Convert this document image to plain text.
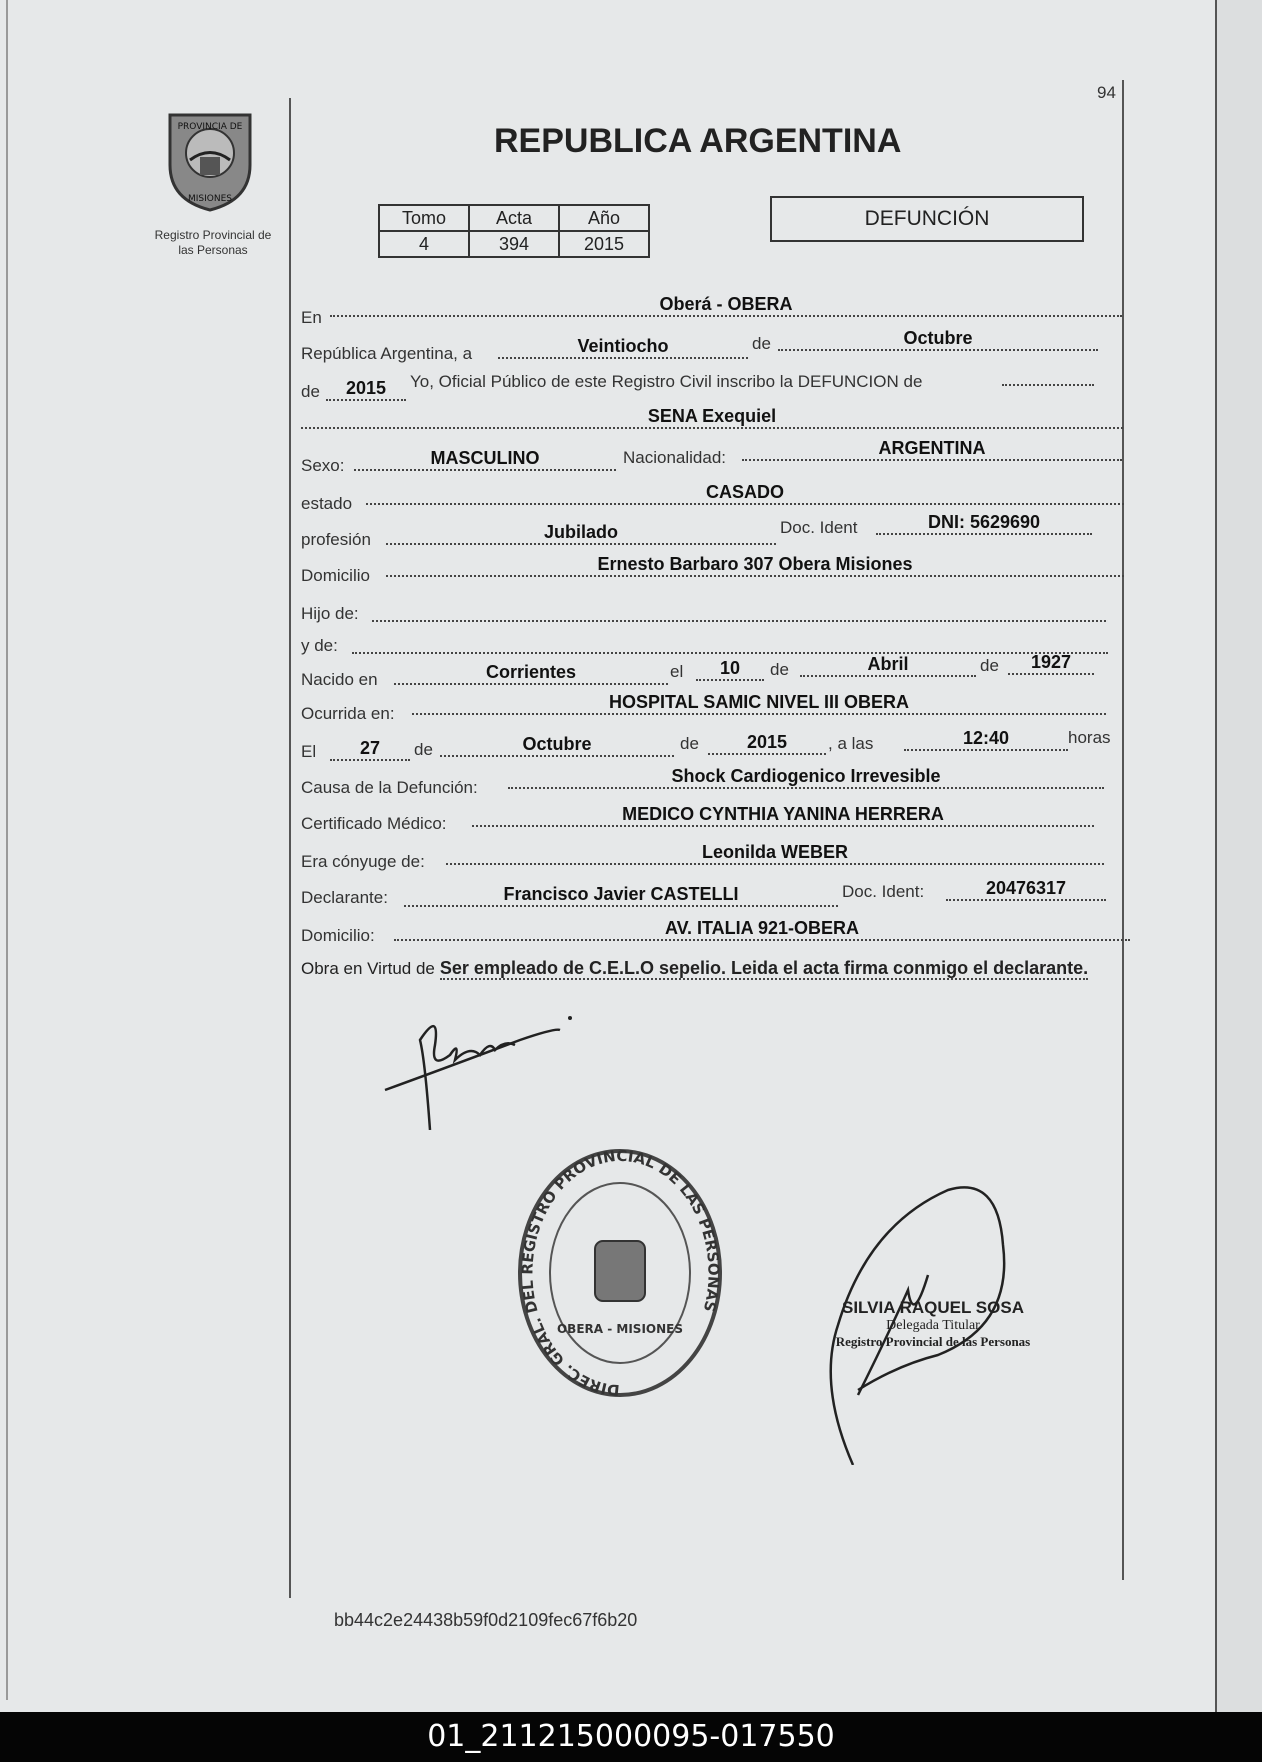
94
PROVINCIA DE
MISIONES
Registro Provincial de
las Personas
REPUBLICA ARGENTINA
Tomo	Acta	Año
4	394	2015
DEFUNCIÓN
En
Oberá - OBERA
República Argentina, a	Veintiocho	de	Octubre
de	2015	Yo, Oficial Público de este Registro Civil inscribo la DEFUNCION de
SENA Exequiel
Sexo:	MASCULINO	Nacionalidad:	ARGENTINA
estado
CASADO
profesión	Jubilado	Doc. Ident	DNI: 5629690
Domicilio
Ernesto Barbaro 307 Obera Misiones
Hijo de:
y de:
Nacido en	Corrientes	el	10	de	Abril	de	1927
Ocurrida en:
HOSPITAL SAMIC NIVEL III OBERA
El	27	de	Octubre	de	2015	, a las	12:40	horas
Causa de la Defunción:
Shock Cardiogenico Irrevesible
Certificado Médico:	MEDICO CYNTHIA YANINA HERRERA
Era cónyuge de:	Leonilda WEBER
Declarante:	Francisco Javier CASTELLI	Doc. Ident:	20476317
Domicilio:	AV. ITALIA 921-OBERA
Obra en Virtud de Ser empleado de C.E.L.O sepelio. Leida el acta firma conmigo el declarante.
DIREC. GRAL. DEL REGISTRO PROVINCIAL DE LAS PERSONAS
OBERA - MISIONES
SILVIA RAQUEL SOSA
Delegada Titular
Registro Provincial de las Personas
bb44c2e24438b59f0d2109fec67f6b20
01_211215000095-017550
